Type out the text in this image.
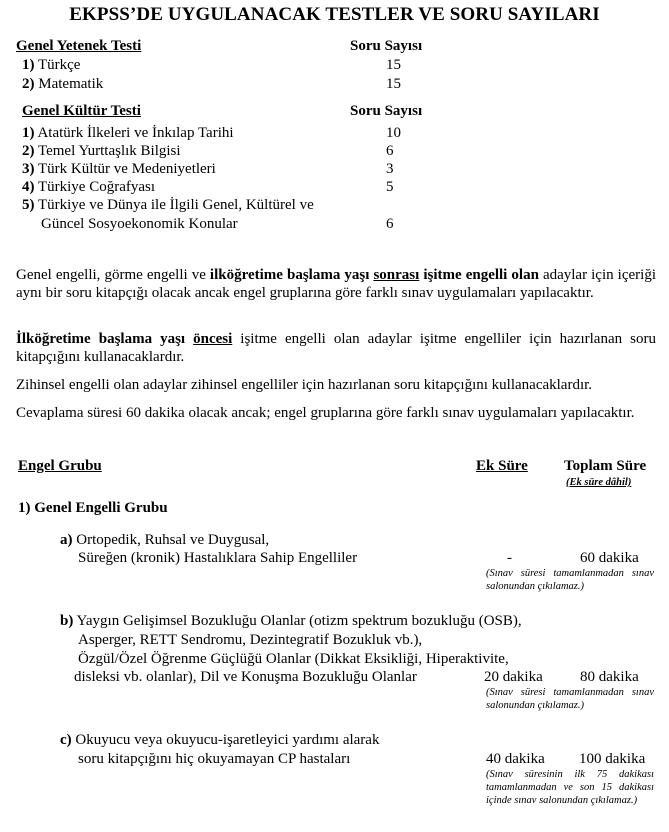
EKPSS’DE UYGULANACAK TESTLER VE SORU SAYILARI
Genel Yetenek Testi	Soru Sayısı
1) Türkçe	15
2) Matematik	15
Genel Kültür Testi	Soru Sayısı
1) Atatürk İlkeleri ve İnkılap Tarihi	10
2) Temel Yurttaşlık Bilgisi	6
3) Türk Kültür ve Medeniyetleri	3
4) Türkiye Coğrafyası	5
5) Türkiye ve Dünya ile İlgili Genel, Kültürel ve
Güncel Sosyoekonomik Konular	6
Genel engelli, görme engelli ve ilköğretime başlama yaşı sonrası işitme engelli olan adaylar için içeriği aynı bir soru kitapçığı olacak ancak engel gruplarına göre farklı sınav uygulamaları yapılacaktır.
İlköğretime başlama yaşı öncesi işitme engelli olan adaylar işitme engelliler için hazırlanan soru kitapçığını kullanacaklardır.
Zihinsel engelli olan adaylar zihinsel engelliler için hazırlanan soru kitapçığını kullanacaklardır.
Cevaplama süresi 60 dakika olacak ancak; engel gruplarına göre farklı sınav uygulamaları yapılacaktır.
Engel Grubu	Ek Süre Toplam Süre
(Ek süre dâhil)
1) Genel Engelli Grubu
a) Ortopedik, Ruhsal ve Duygusal,
Süreğen (kronik) Hastalıklara Sahip Engelliler	-	60 dakika
(Sınav süresi tamamlanmadan sınav salonundan çıkılamaz.)
b) Yaygın Gelişimsel Bozukluğu Olanlar (otizm spektrum bozukluğu (OSB),
Asperger, RETT Sendromu, Dezintegratif Bozukluk vb.),
Özgül/Özel Öğrenme Güçlüğü Olanlar (Dikkat Eksikliği, Hiperaktivite,
disleksi vb. olanlar), Dil ve Konuşma Bozukluğu Olanlar	20 dakika 80 dakika
(Sınav süresi tamamlanmadan sınav salonundan çıkılamaz.)
c) Okuyucu veya okuyucu-işaretleyici yardımı alarak
soru kitapçığını hiç okuyamayan CP hastaları	40 dakika 100 dakika
(Sınav süresinin ilk 75 dakikası tamamlanmadan ve son 15 dakikası içinde sınav salonundan çıkılamaz.)
